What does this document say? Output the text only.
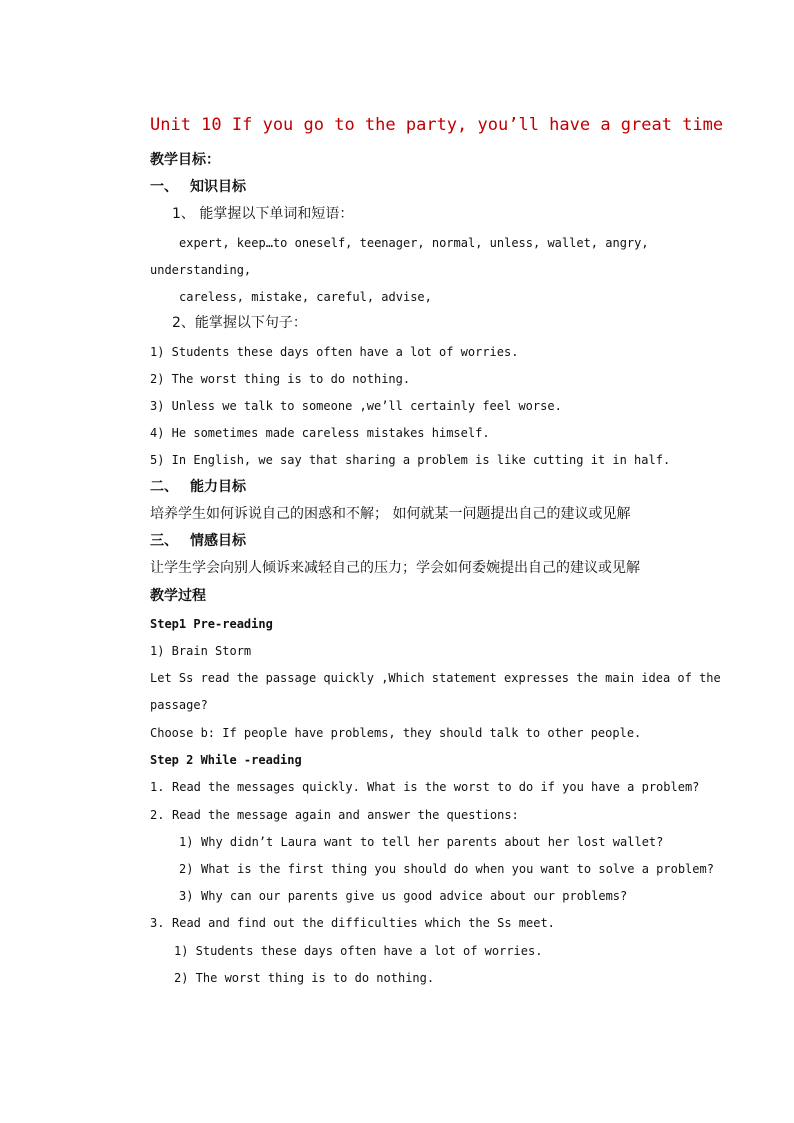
Unit 10 If you go to the party, you’ll have a great time
教学目标：
一、 知识目标
1、 能掌握以下单词和短语：
expert, keep…to oneself, teenager, normal, unless, wallet, angry,
understanding,
careless, mistake, careful, advise,
2、能掌握以下句子：
1) Students these days often have a lot of worries.
2) The worst thing is to do nothing.
3) Unless we talk to someone ,we’ll certainly feel worse.
4) He sometimes made careless mistakes himself.
5) In English, we say that sharing a problem is like cutting it in half.
二、 能力目标
培养学生如何诉说自己的困惑和不解； 如何就某一问题提出自己的建议或见解
三、 情感目标
让学生学会向别人倾诉来减轻自己的压力；学会如何委婉提出自己的建议或见解
教学过程
Step1 Pre-reading
1) Brain Storm
Let Ss read the passage quickly ,Which statement expresses the main idea of the
passage?
Choose b: If people have problems, they should talk to other people.
Step 2 While -reading
1. Read the messages quickly. What is the worst to do if you have a problem?
2. Read the message again and answer the questions:
1) Why didn’t Laura want to tell her parents about her lost wallet?
2) What is the first thing you should do when you want to solve a problem?
3) Why can our parents give us good advice about our problems?
3. Read and find out the difficulties which the Ss meet.
1) Students these days often have a lot of worries.
2) The worst thing is to do nothing.
